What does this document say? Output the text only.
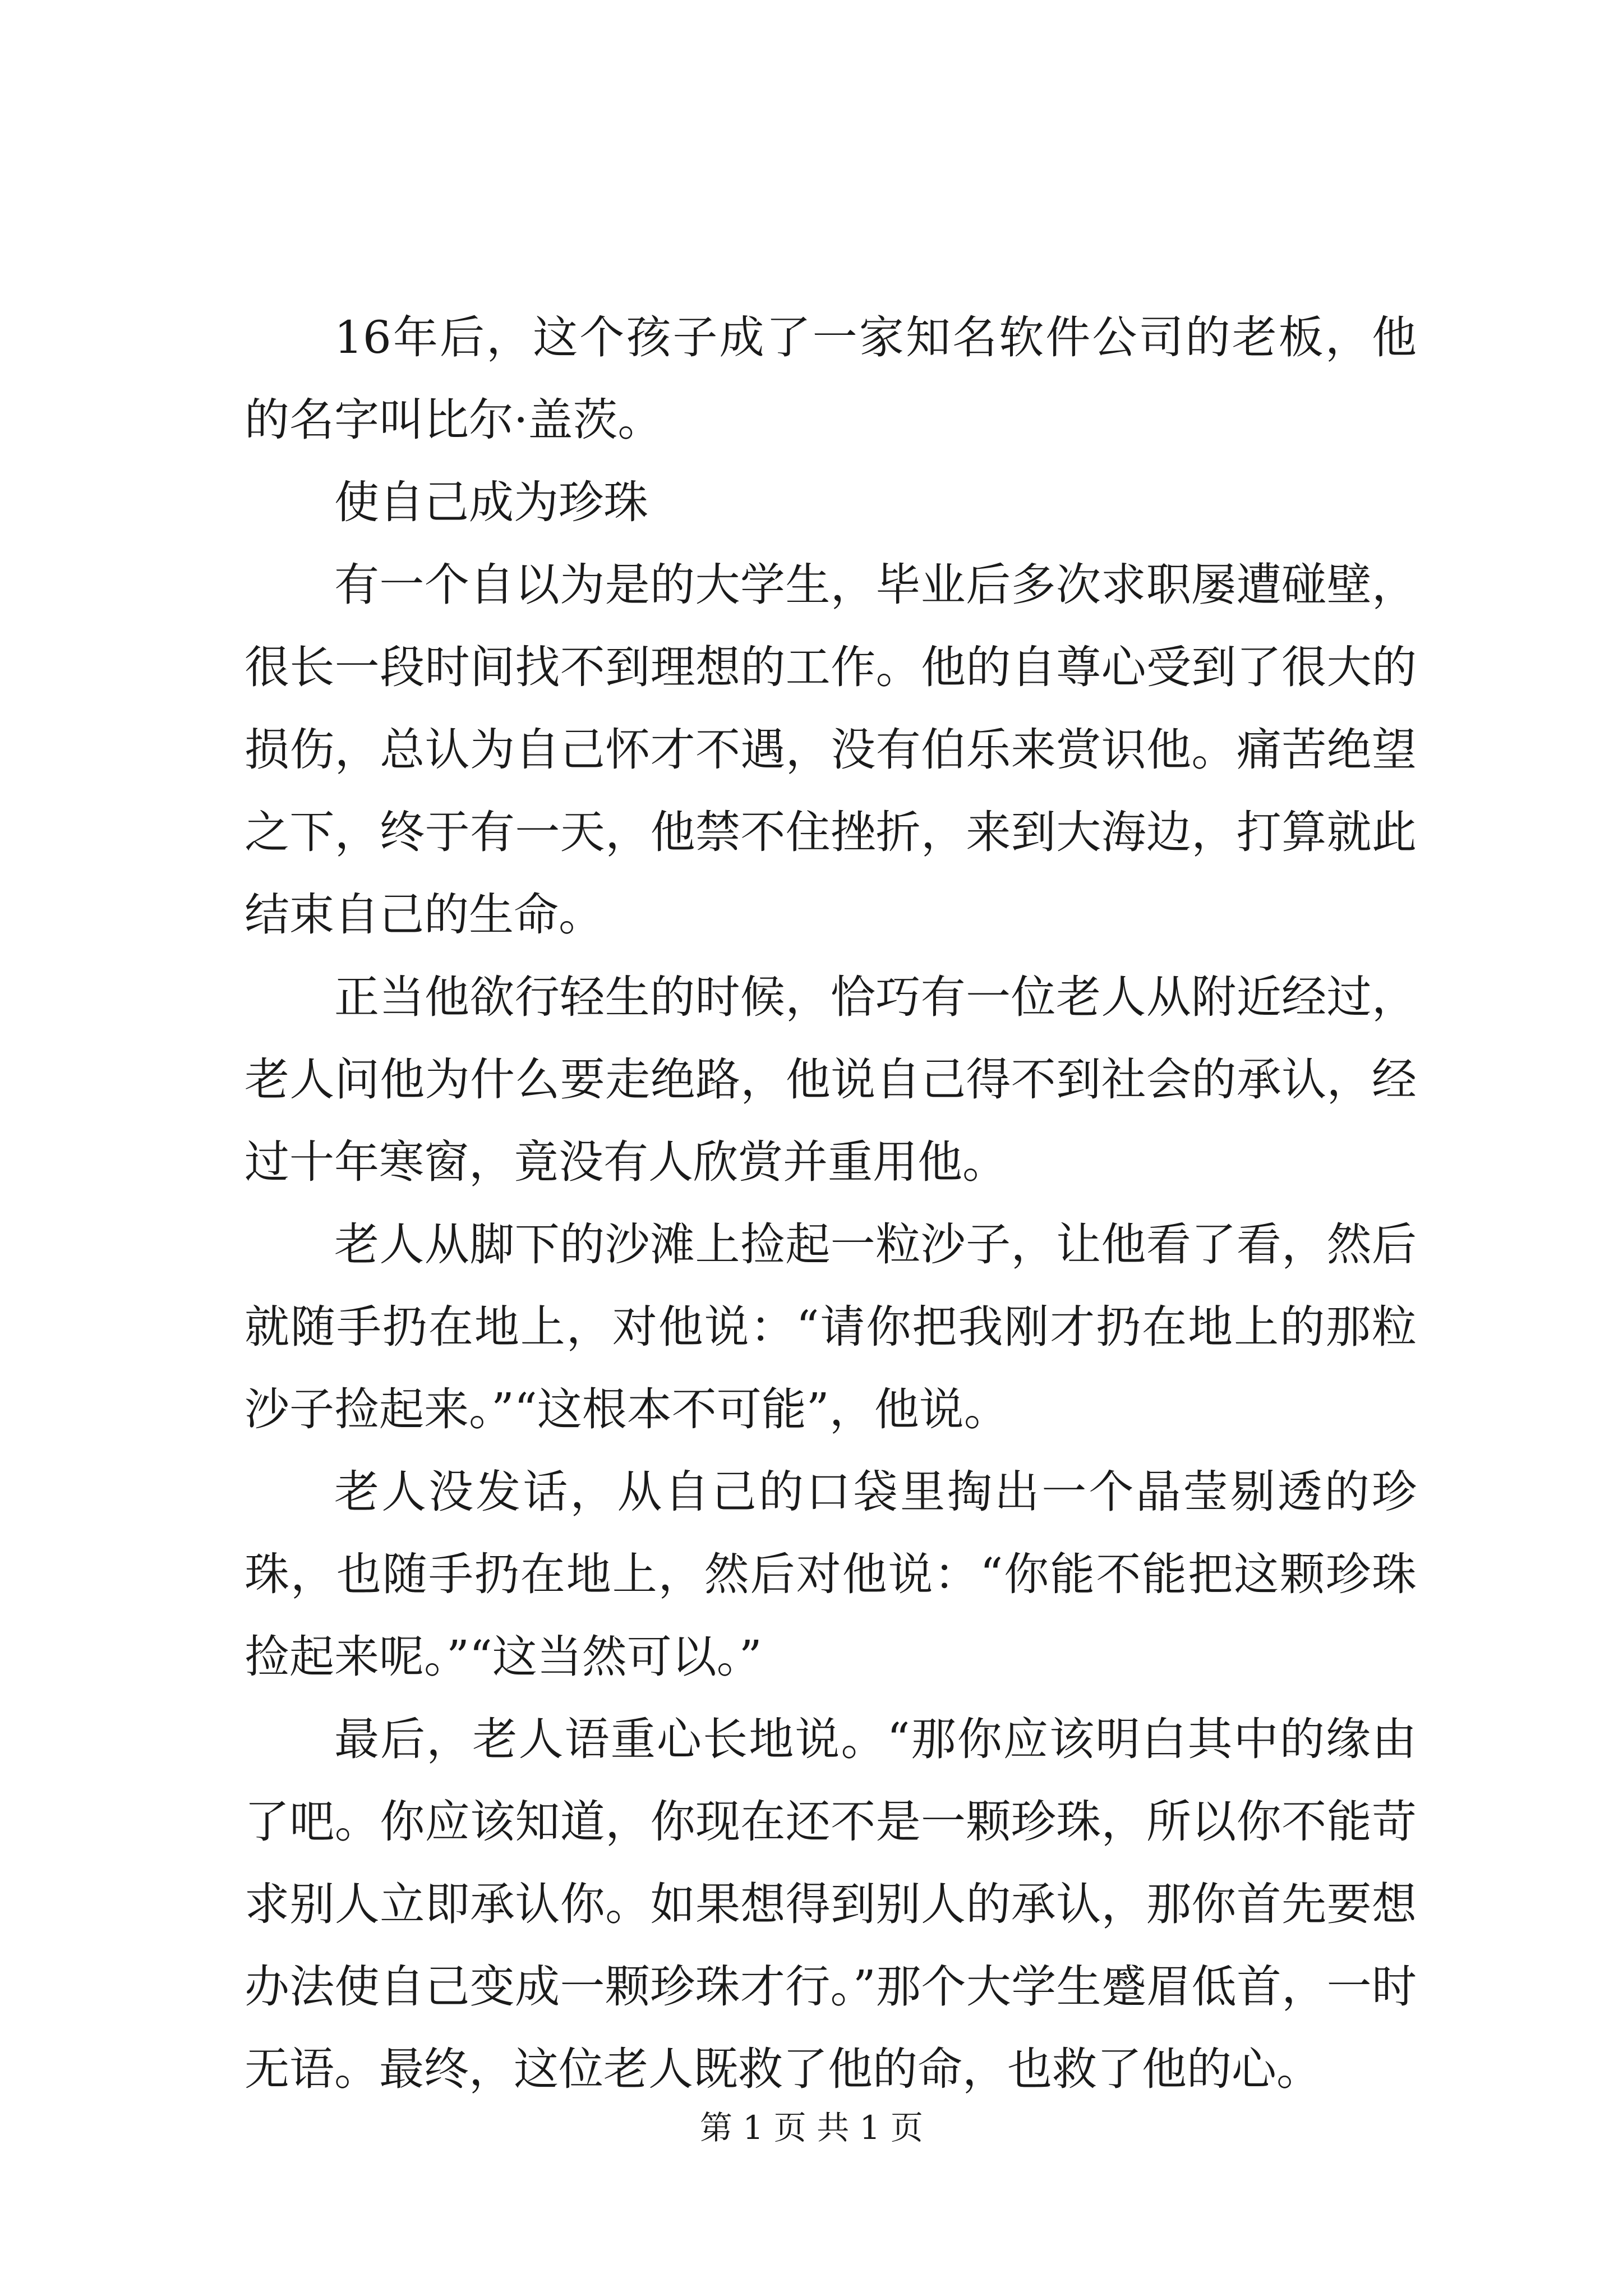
16年后，这个孩子成了一家知名软件公司的老板，他的名字叫比尔·盖茨。

使自己成为珍珠

有一个自以为是的大学生，毕业后多次求职屡遭碰壁，很长一段时间找不到理想的工作。他的自尊心受到了很大的损伤，总认为自己怀才不遇，没有伯乐来赏识他。痛苦绝望之下，终于有一天，他禁不住挫折，来到大海边，打算就此结束自己的生命。

正当他欲行轻生的时候，恰巧有一位老人从附近经过，老人问他为什么要走绝路，他说自己得不到社会的承认，经过十年寒窗，竟没有人欣赏并重用他。

老人从脚下的沙滩上捡起一粒沙子，让他看了看，然后就随手扔在地上，对他说：“请你把我刚才扔在地上的那粒沙子捡起来。”“这根本不可能”，他说。

老人没发话，从自己的口袋里掏出一个晶莹剔透的珍珠，也随手扔在地上，然后对他说：“你能不能把这颗珍珠捡起来呢。”“这当然可以。”

最后，老人语重心长地说。“那你应该明白其中的缘由了吧。你应该知道，你现在还不是一颗珍珠，所以你不能苛求别人立即承认你。如果想得到别人的承认，那你首先要想办法使自己变成一颗珍珠才行。”那个大学生蹙眉低首，一时无语。最终，这位老人既救了他的命，也救了他的心。

第 1 页 共 1 页
